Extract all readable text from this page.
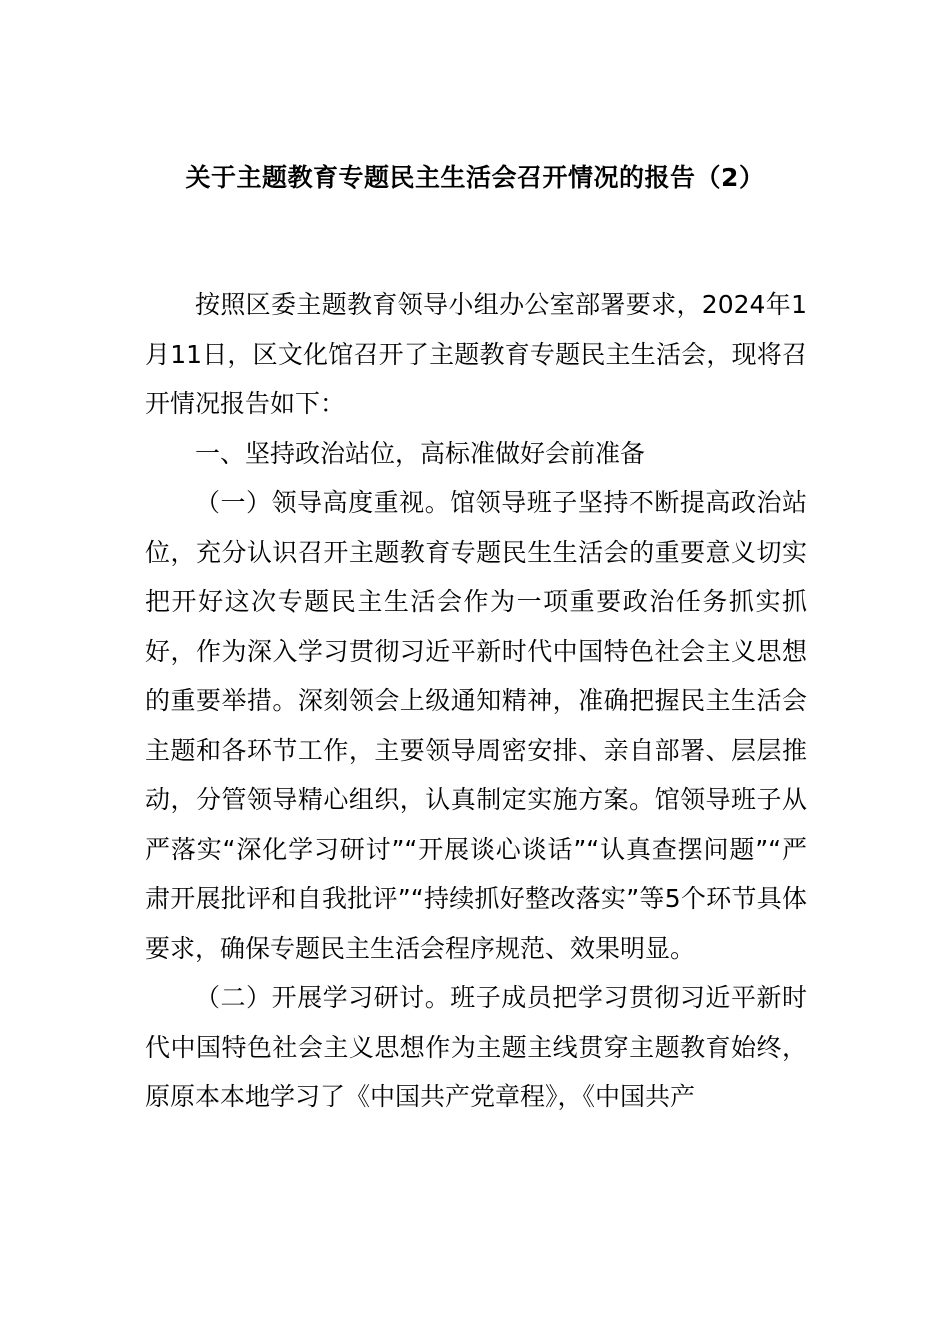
关于主题教育专题民主生活会召开情况的报告（2）

按照区委主题教育领导小组办公室部署要求，2024年1月11日，区文化馆召开了主题教育专题民主生活会，现将召开情况报告如下：

一、坚持政治站位，高标准做好会前准备

（一）领导高度重视。馆领导班子坚持不断提高政治站位，充分认识召开主题教育专题民生生活会的重要意义切实把开好这次专题民主生活会作为一项重要政治任务抓实抓好，作为深入学习贯彻习近平新时代中国特色社会主义思想的重要举措。深刻领会上级通知精神，准确把握民主生活会主题和各环节工作，主要领导周密安排、亲自部署、层层推动，分管领导精心组织，认真制定实施方案。馆领导班子从严落实“深化学习研讨”“开展谈心谈话”“认真查摆问题”“严肃开展批评和自我批评”“持续抓好整改落实”等5个环节具体要求，确保专题民主生活会程序规范、效果明显。

（二）开展学习研讨。班子成员把学习贯彻习近平新时代中国特色社会主义思想作为主题主线贯穿主题教育始终，原原本本地学习了《中国共产党章程》，《中国共产
